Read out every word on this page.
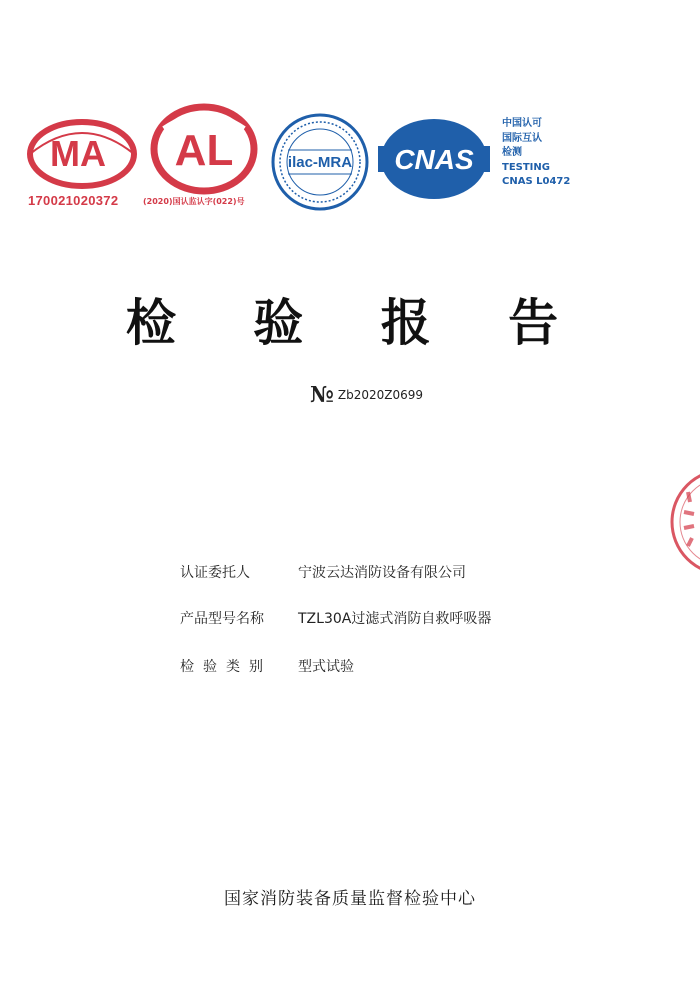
MA
170021020372
AL
(2020)国认监认字(022)号
ilac-MRA CNAS
中国认可
国际互认
检测
TESTING
CNAS L0472
检 验 报 告
№ Zb2020Z0699
认证委托人	宁波云达消防设备有限公司
产品型号名称	TZL30A过滤式消防自救呼吸器
检验类别	型式试验
国家消防装备质量监督检验中心
